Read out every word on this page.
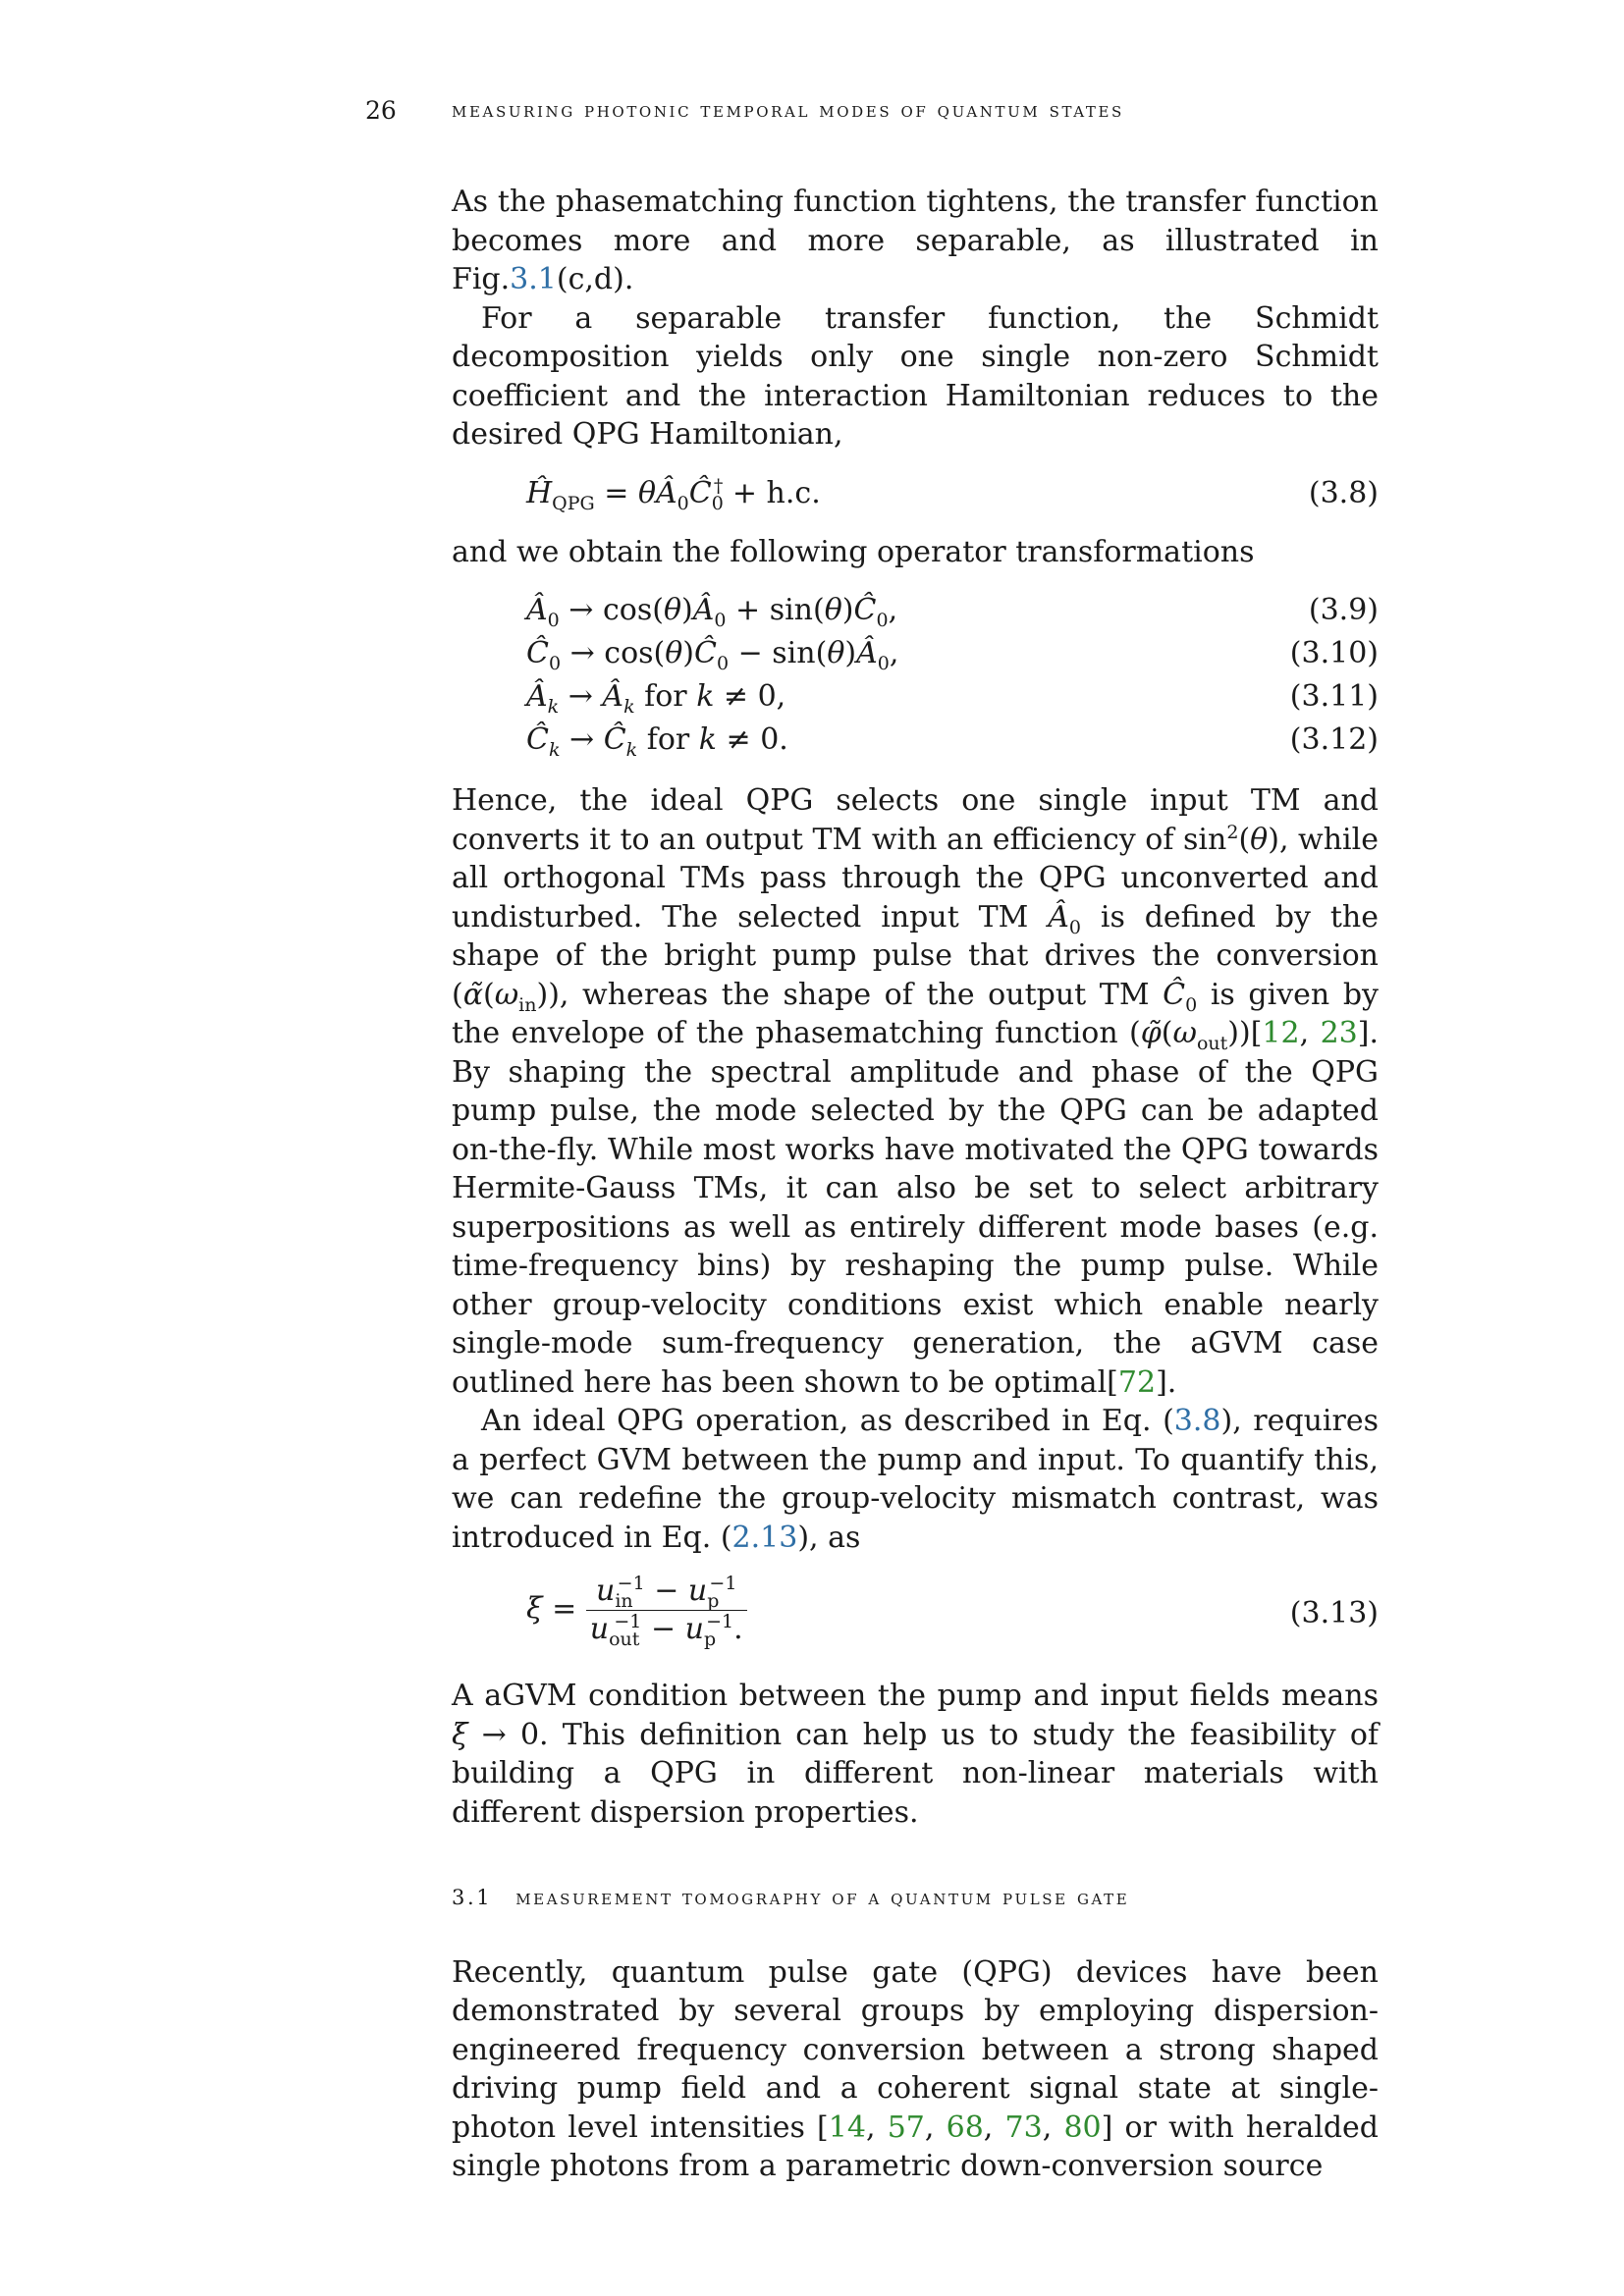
26	measuring photonic temporal modes of quantum states

As the phasematching function tightens, the transfer function becomes more and more separable, as illustrated in Fig.3.1(c,d).

For a separable transfer function, the Schmidt decomposition yields only one single non-zero Schmidt coefficient and the interaction Hamiltonian reduces to the desired QPG Hamiltonian,

$Ĥ_{QPG}$ = $\theta Â_0Ĉ_0^\dagger + h.c$.	(3.8)

and we obtain the following operator transformations

$Â_0$ → $\cos(\theta)Â_0$ + $\sin(\theta)Ĉ_0$,	(3.9)
$Ĉ_0$ → $\cos(\theta)Ĉ_0$ − $\sin(\theta)Â_0$,	(3.10)
$Â_k$ → $Â_k$ for k ≠ 0,	(3.11)
$Ĉ_k$ → $Ĉ_k$ for k ≠ 0.	(3.12)

Hence, the ideal QPG selects one single input TM and converts it to an output TM with an efficiency of $\sin^2(\theta)$, while all orthogonal TMs pass through the QPG unconverted and undisturbed. The selected input TM $Â_0$ is defined by the shape of the bright pump pulse that drives the conversion $(\alphã(\omega_{in}))$, whereas the shape of the output TM $Ĉ_0$ is given by the envelope of the phasematching function $(\varphĩ(\omega_{out}))[12$, 23]. By shaping the spectral amplitude and phase of the QPG pump pulse, the mode selected by the QPG can be adapted on-the-fly. While most works have motivated the QPG towards Hermite-Gauss TMs, it can also be set to select arbitrary superpositions as well as entirely different mode bases (e.g. time-frequency bins) by reshaping the pump pulse. While other group-velocity conditions exist which enable nearly single-mode sum-frequency generation, the aGVM case outlined here has been shown to be optimal[72].

An ideal QPG operation, as described in Eq. (3.8), requires a perfect GVM between the pump and input. To quantify this, we can redefine the group-velocity mismatch contrast, was introduced in Eq. (2.13), as

$\xi = \frac{u_{in}^{-1} - u_p^{-1}}{u_{out}^{-1} - u_p^{-1}.}$	(3.13)

A aGVM condition between the pump and input fields means ξ → 0. This definition can help us to study the feasibility of building a QPG in different non-linear materials with different dispersion properties.

3.1 measurement tomography of a quantum pulse gate

Recently, quantum pulse gate (QPG) devices have been demonstrated by several groups by employing dispersion-engineered frequency conversion between a strong shaped driving pump field and a coherent signal state at single-photon level intensities [14, 57, 68, 73, 80] or with heralded single photons from a parametric down-conversion source
